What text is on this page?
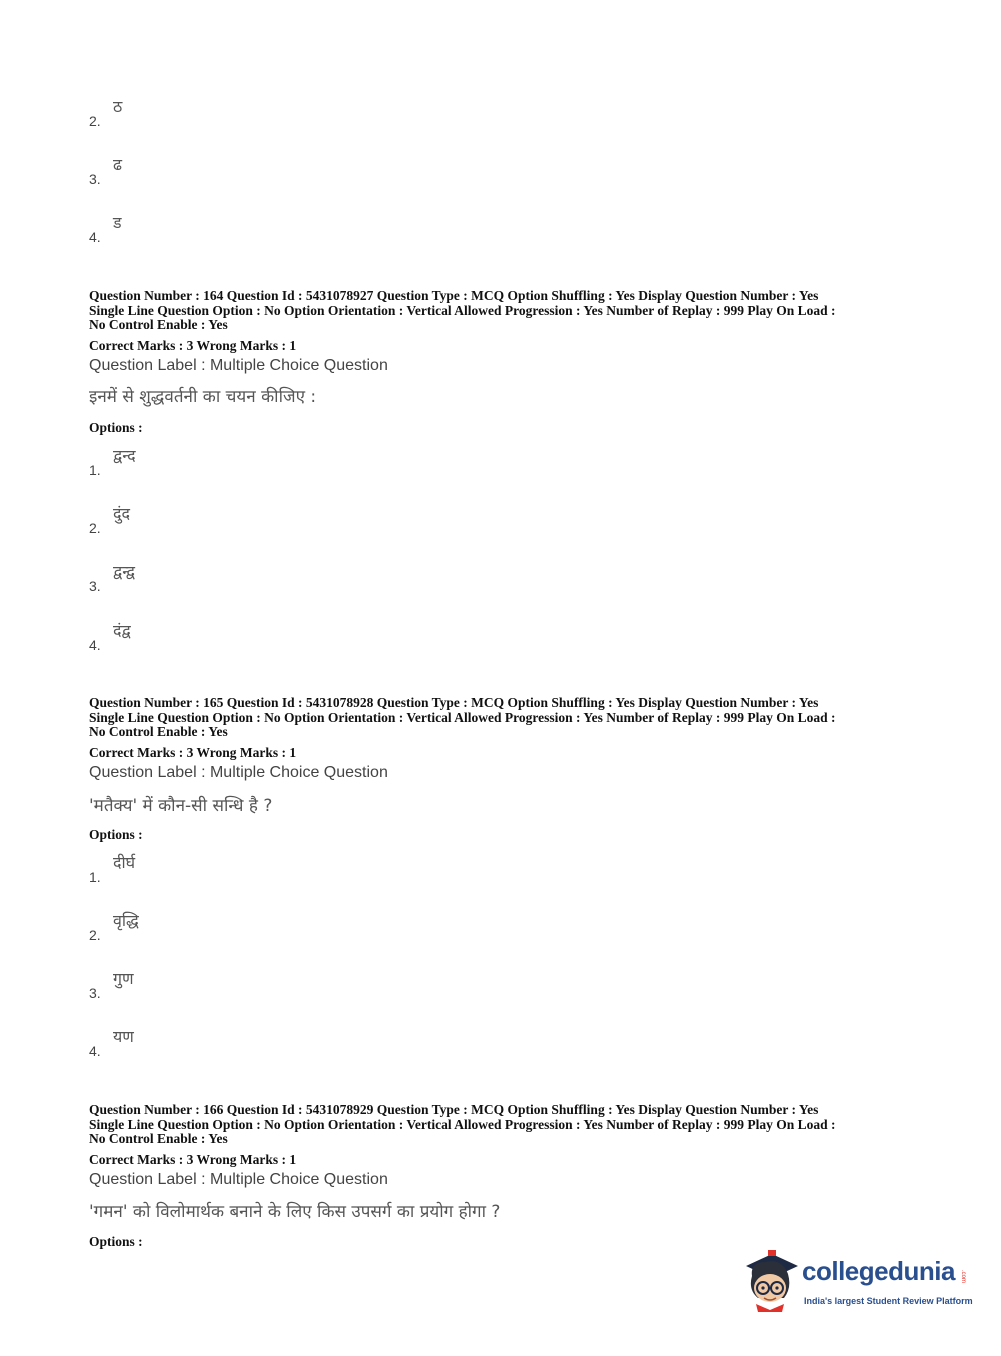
2.
ठ
3.
ढ
4.
ड
Question Number : 164 Question Id : 5431078927 Question Type : MCQ Option Shuffling : Yes Display Question Number : Yes
Single Line Question Option : No Option Orientation : Vertical Allowed Progression : Yes Number of Replay : 999 Play On Load :
No Control Enable : Yes
Correct Marks : 3 Wrong Marks : 1
Question Label : Multiple Choice Question
इनमें से शुद्धवर्तनी का चयन कीजिए :
Options :
1.
द्वन्द
2.
दुंद
3.
द्वन्द्व
4.
दंद्व
Question Number : 165 Question Id : 5431078928 Question Type : MCQ Option Shuffling : Yes Display Question Number : Yes
Single Line Question Option : No Option Orientation : Vertical Allowed Progression : Yes Number of Replay : 999 Play On Load :
No Control Enable : Yes
Correct Marks : 3 Wrong Marks : 1
Question Label : Multiple Choice Question
'मतैक्य' में कौन-सी सन्धि है ?
Options :
1.
दीर्घ
2.
वृद्धि
3.
गुण
4.
यण
Question Number : 166 Question Id : 5431078929 Question Type : MCQ Option Shuffling : Yes Display Question Number : Yes
Single Line Question Option : No Option Orientation : Vertical Allowed Progression : Yes Number of Replay : 999 Play On Load :
No Control Enable : Yes
Correct Marks : 3 Wrong Marks : 1
Question Label : Multiple Choice Question
'गमन' को विलोमार्थक बनाने के लिए किस उपसर्ग का प्रयोग होगा ?
Options :
collegedunia .com
India's largest Student Review Platform
